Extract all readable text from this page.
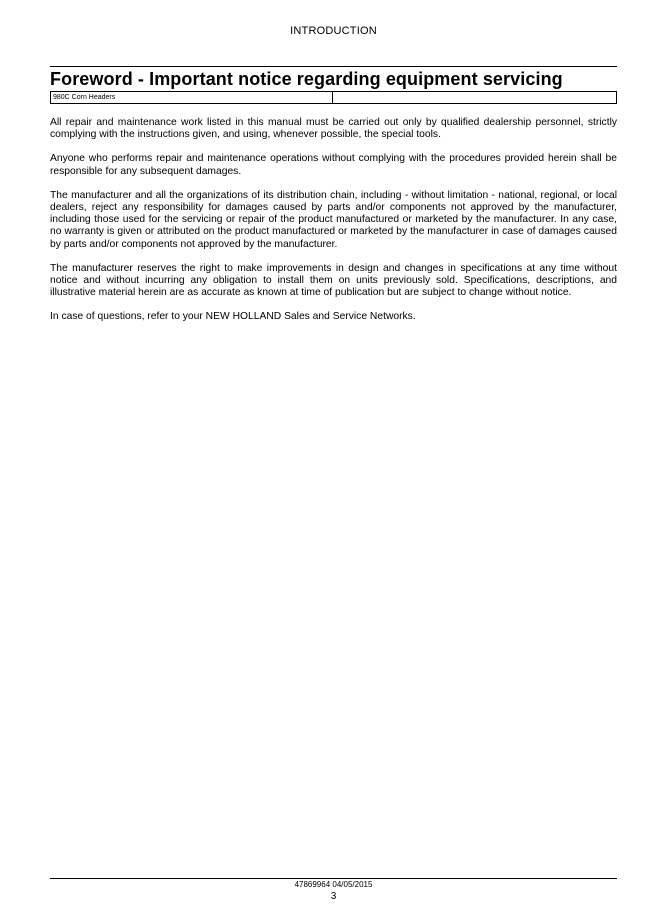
INTRODUCTION
Foreword - Important notice regarding equipment servicing
980C Corn Headers

All repair and maintenance work listed in this manual must be carried out only by qualified dealership personnel, strictly complying with the instructions given, and using, whenever possible, the special tools.

Anyone who performs repair and maintenance operations without complying with the procedures provided herein shall be responsible for any subsequent damages.

The manufacturer and all the organizations of its distribution chain, including - without limitation - national, regional, or local dealers, reject any responsibility for damages caused by parts and/or components not approved by the manufacturer, including those used for the servicing or repair of the product manufactured or marketed by the manufacturer. In any case, no warranty is given or attributed on the product manufactured or marketed by the manufacturer in case of damages caused by parts and/or components not approved by the manufacturer.

The manufacturer reserves the right to make improvements in design and changes in specifications at any time without notice and without incurring any obligation to install them on units previously sold. Specifications, descriptions, and illustrative material herein are as accurate as known at time of publication but are subject to change without notice.

In case of questions, refer to your NEW HOLLAND Sales and Service Networks.

47869964 04/05/2015
3
